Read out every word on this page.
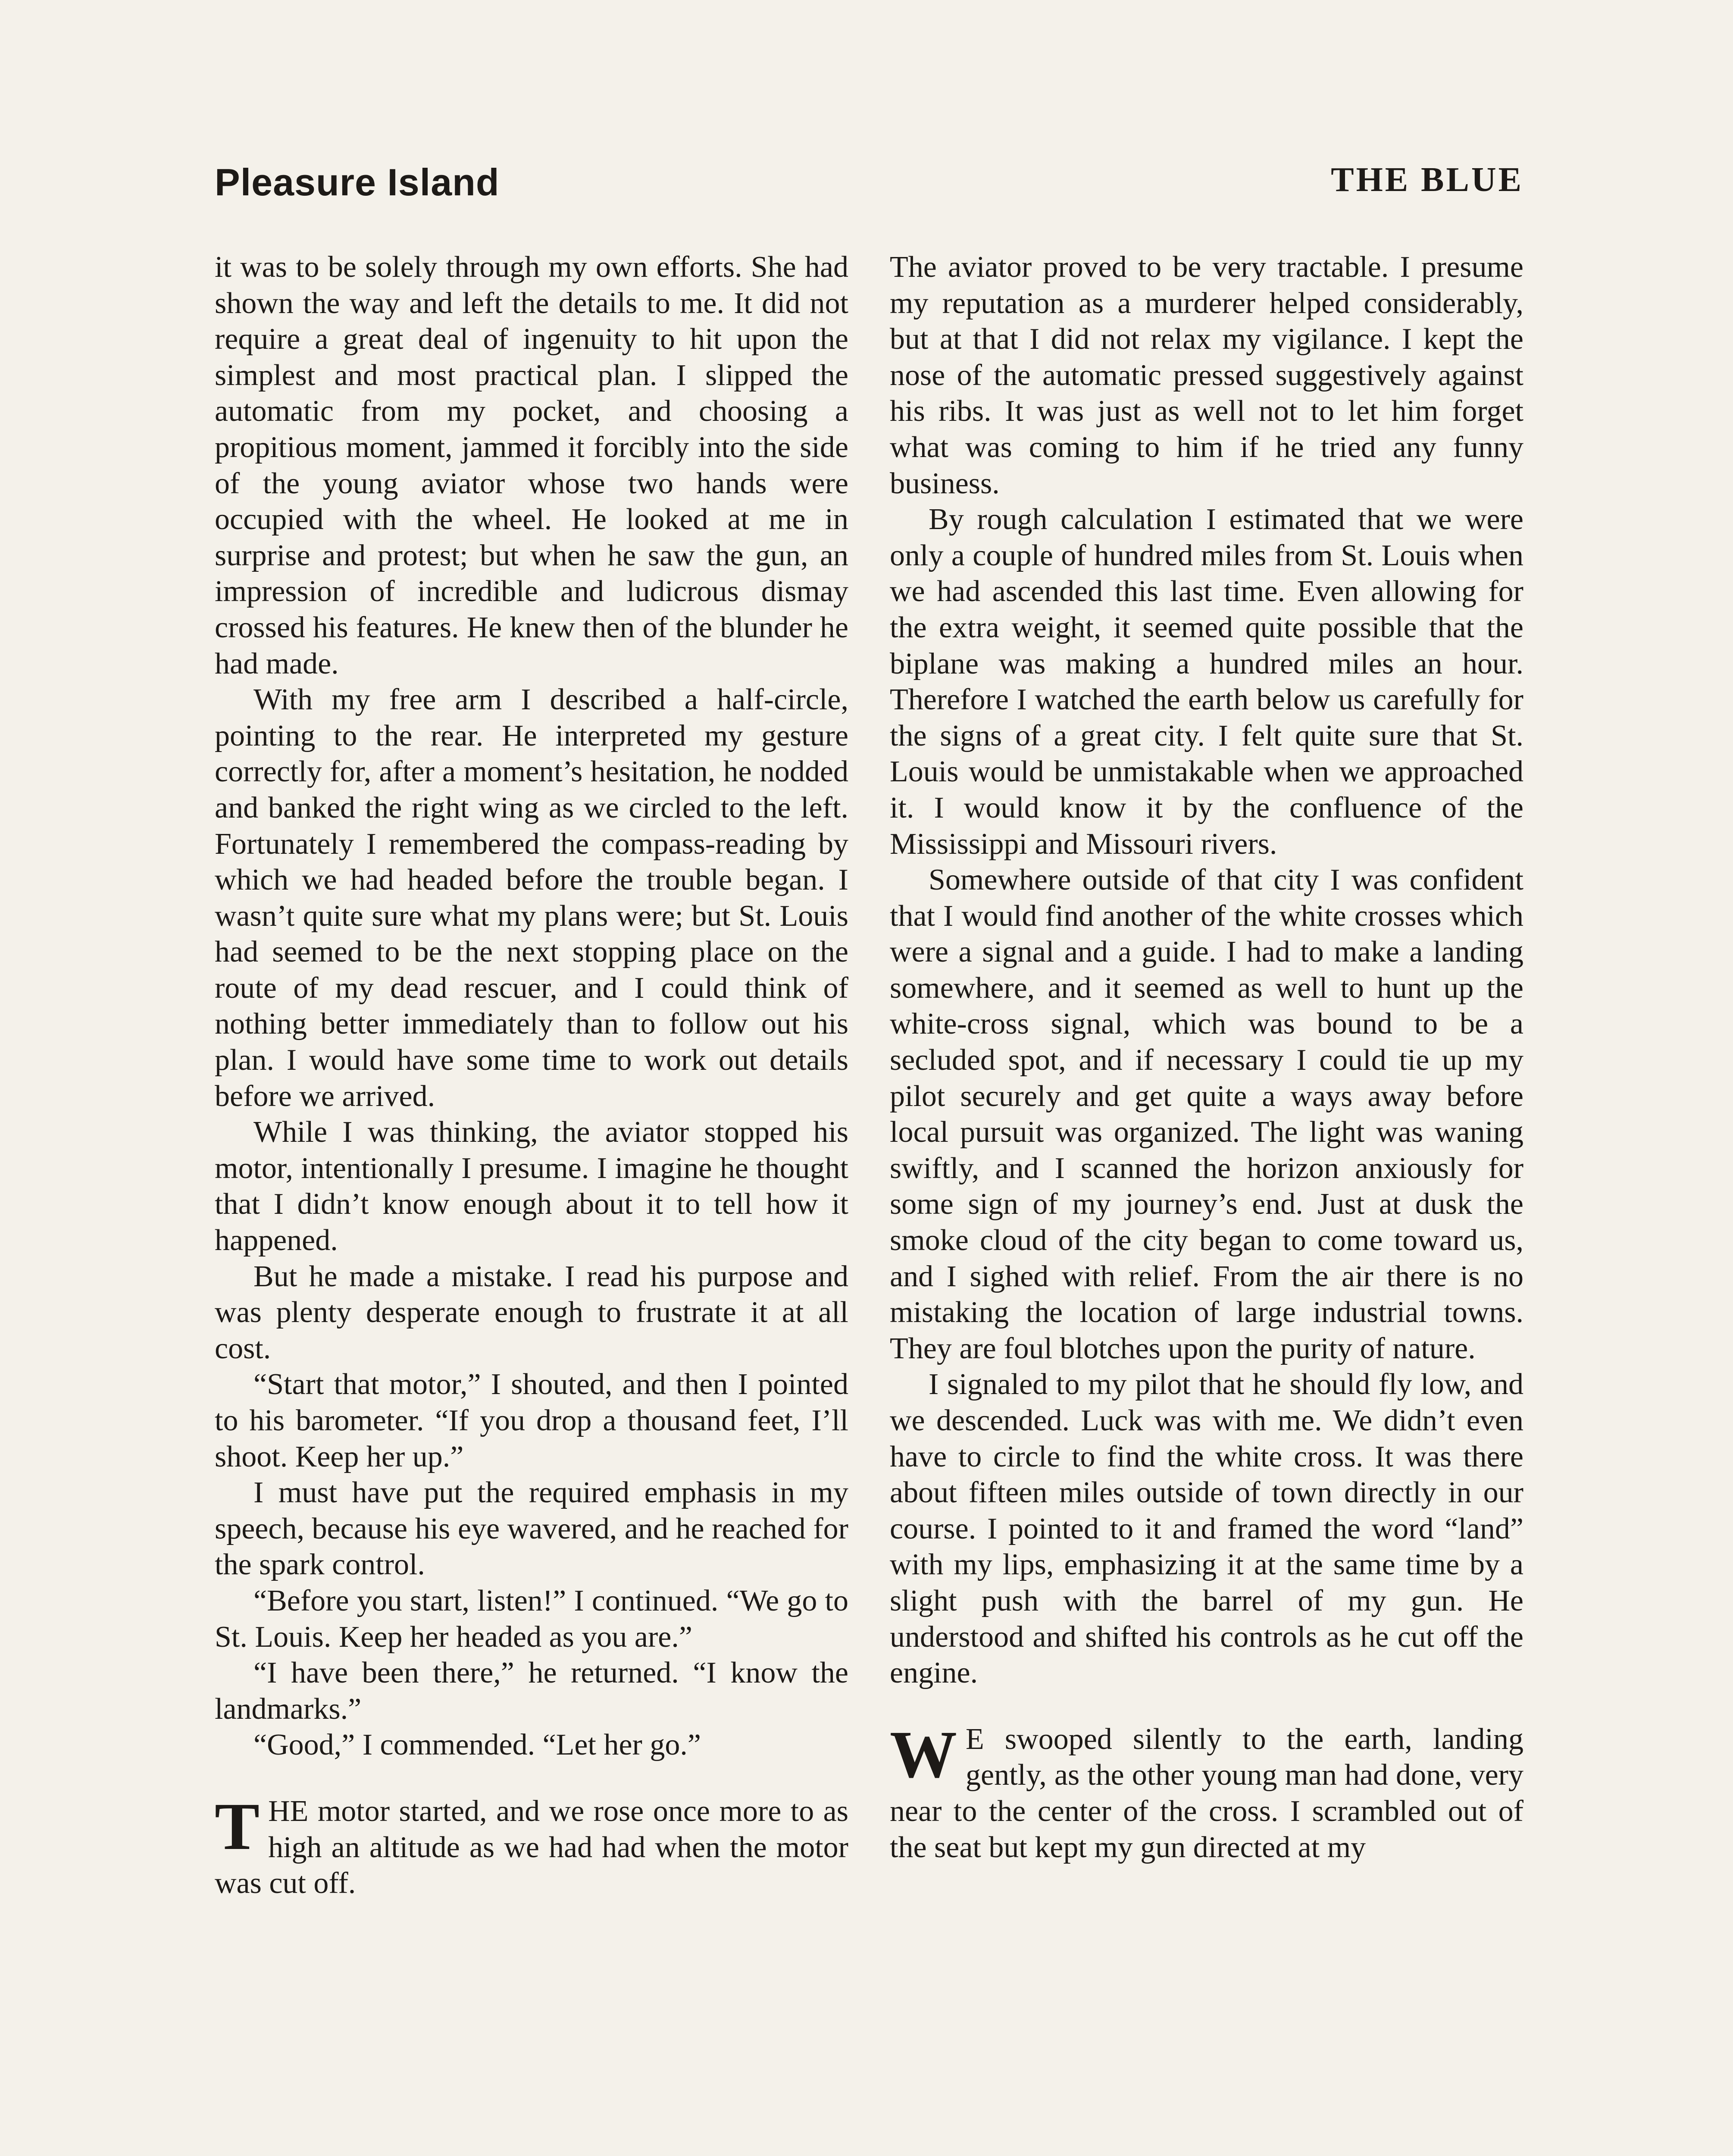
Pleasure Island	THE BLUE

it was to be solely through my own efforts. She had shown the way and left the details to me. It did not require a great deal of ingenuity to hit upon the simplest and most practical plan. I slipped the automatic from my pocket, and choosing a propitious moment, jammed it forcibly into the side of the young aviator whose two hands were occupied with the wheel. He looked at me in surprise and protest; but when he saw the gun, an impression of incredible and ludicrous dismay crossed his features. He knew then of the blunder he had made.

With my free arm I described a half-circle, pointing to the rear. He interpreted my gesture correctly for, after a moment’s hesitation, he nodded and banked the right wing as we circled to the left. Fortunately I remembered the compass-reading by which we had headed before the trouble began. I wasn’t quite sure what my plans were; but St. Louis had seemed to be the next stopping place on the route of my dead rescuer, and I could think of nothing better immediately than to follow out his plan. I would have some time to work out details before we arrived.

While I was thinking, the aviator stopped his motor, intentionally I presume. I imagine he thought that I didn’t know enough about it to tell how it happened.

But he made a mistake. I read his purpose and was plenty desperate enough to frustrate it at all cost.

“Start that motor,” I shouted, and then I pointed to his barometer. “If you drop a thousand feet, I’ll shoot. Keep her up.”

I must have put the required emphasis in my speech, because his eye wavered, and he reached for the spark control.

“Before you start, listen!” I continued. “We go to St. Louis. Keep her headed as you are.”

“I have been there,” he returned. “I know the landmarks.”

“Good,” I commended. “Let her go.”

THE motor started, and we rose once more to as high an altitude as we had had when the motor was cut off.

The aviator proved to be very tractable. I presume my reputation as a murderer helped considerably, but at that I did not relax my vigilance. I kept the nose of the automatic pressed suggestively against his ribs. It was just as well not to let him forget what was coming to him if he tried any funny business.

By rough calculation I estimated that we were only a couple of hundred miles from St. Louis when we had ascended this last time. Even allowing for the extra weight, it seemed quite possible that the biplane was making a hundred miles an hour. Therefore I watched the earth below us carefully for the signs of a great city. I felt quite sure that St. Louis would be unmistakable when we approached it. I would know it by the confluence of the Mississippi and Missouri rivers.

Somewhere outside of that city I was confident that I would find another of the white crosses which were a signal and a guide. I had to make a landing somewhere, and it seemed as well to hunt up the white-cross signal, which was bound to be a secluded spot, and if necessary I could tie up my pilot securely and get quite a ways away before local pursuit was organized. The light was waning swiftly, and I scanned the horizon anxiously for some sign of my journey’s end. Just at dusk the smoke cloud of the city began to come toward us, and I sighed with relief. From the air there is no mistaking the location of large industrial towns. They are foul blotches upon the purity of nature.

I signaled to my pilot that he should fly low, and we descended. Luck was with me. We didn’t even have to circle to find the white cross. It was there about fifteen miles outside of town directly in our course. I pointed to it and framed the word “land” with my lips, emphasizing it at the same time by a slight push with the barrel of my gun. He understood and shifted his controls as he cut off the engine.

W E swooped silently to the earth, landing gently, as the other young man had done, very near to the center of the cross. I scrambled out of the seat but kept my gun directed at my
